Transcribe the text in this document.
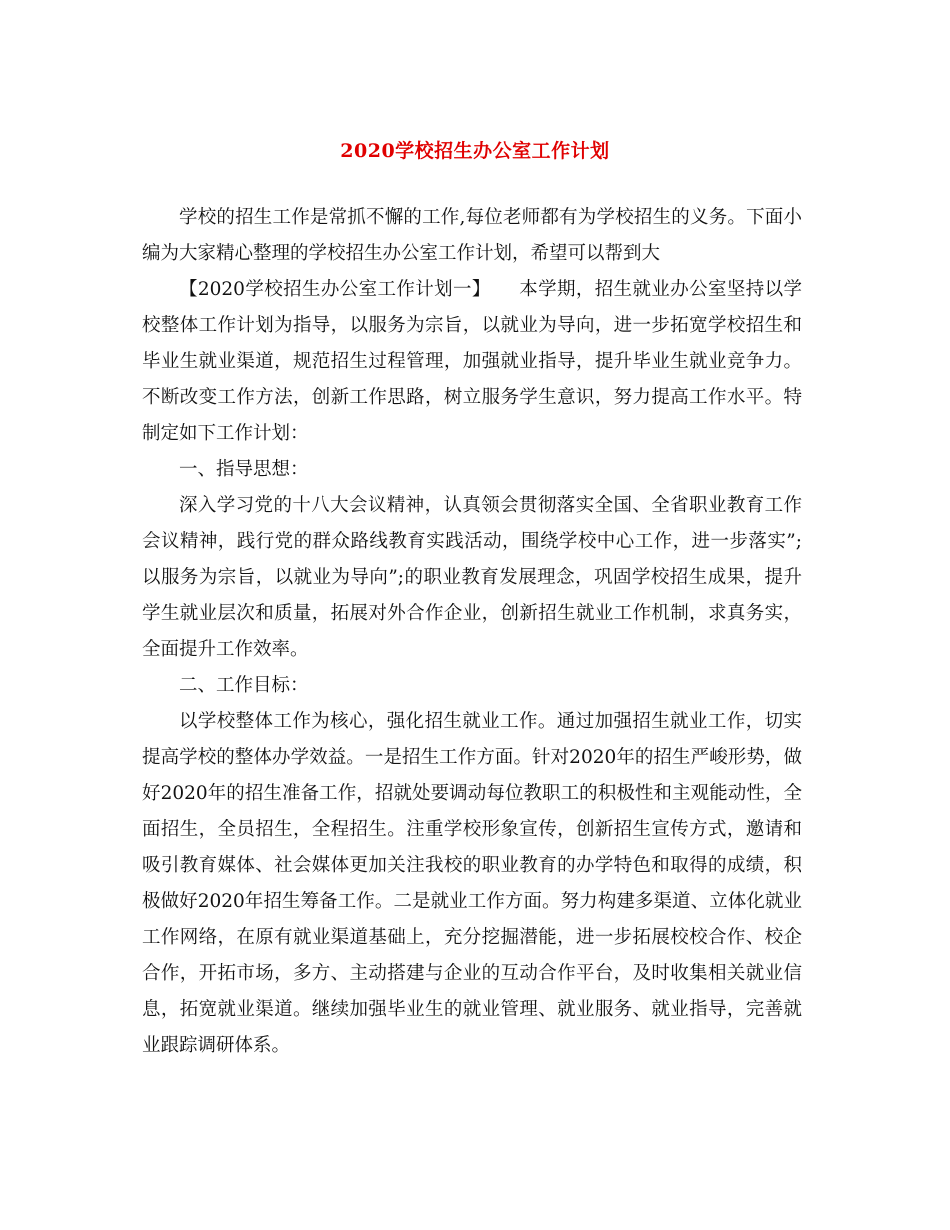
2020学校招生办公室工作计划

学校的招生工作是常抓不懈的工作,每位老师都有为学校招生的义务。下面小编为大家精心整理的学校招生办公室工作计划，希望可以帮到大

【2020学校招生办公室工作计划一】　　本学期，招生就业办公室坚持以学校整体工作计划为指导，以服务为宗旨，以就业为导向，进一步拓宽学校招生和毕业生就业渠道，规范招生过程管理，加强就业指导，提升毕业生就业竞争力。不断改变工作方法，创新工作思路，树立服务学生意识，努力提高工作水平。特制定如下工作计划：

一、指导思想：

深入学习党的十八大会议精神，认真领会贯彻落实全国、全省职业教育工作会议精神，践行党的群众路线教育实践活动，围绕学校中心工作，进一步落实”;以服务为宗旨，以就业为导向”;的职业教育发展理念，巩固学校招生成果，提升学生就业层次和质量，拓展对外合作企业，创新招生就业工作机制，求真务实，全面提升工作效率。

二、工作目标：

以学校整体工作为核心，强化招生就业工作。通过加强招生就业工作，切实提高学校的整体办学效益。一是招生工作方面。针对2020年的招生严峻形势，做好2020年的招生准备工作，招就处要调动每位教职工的积极性和主观能动性，全面招生，全员招生，全程招生。注重学校形象宣传，创新招生宣传方式，邀请和吸引教育媒体、社会媒体更加关注我校的职业教育的办学特色和取得的成绩，积极做好2020年招生筹备工作。二是就业工作方面。努力构建多渠道、立体化就业工作网络，在原有就业渠道基础上，充分挖掘潜能，进一步拓展校校合作、校企合作，开拓市场，多方、主动搭建与企业的互动合作平台，及时收集相关就业信息，拓宽就业渠道。继续加强毕业生的就业管理、就业服务、就业指导，完善就业跟踪调研体系。
